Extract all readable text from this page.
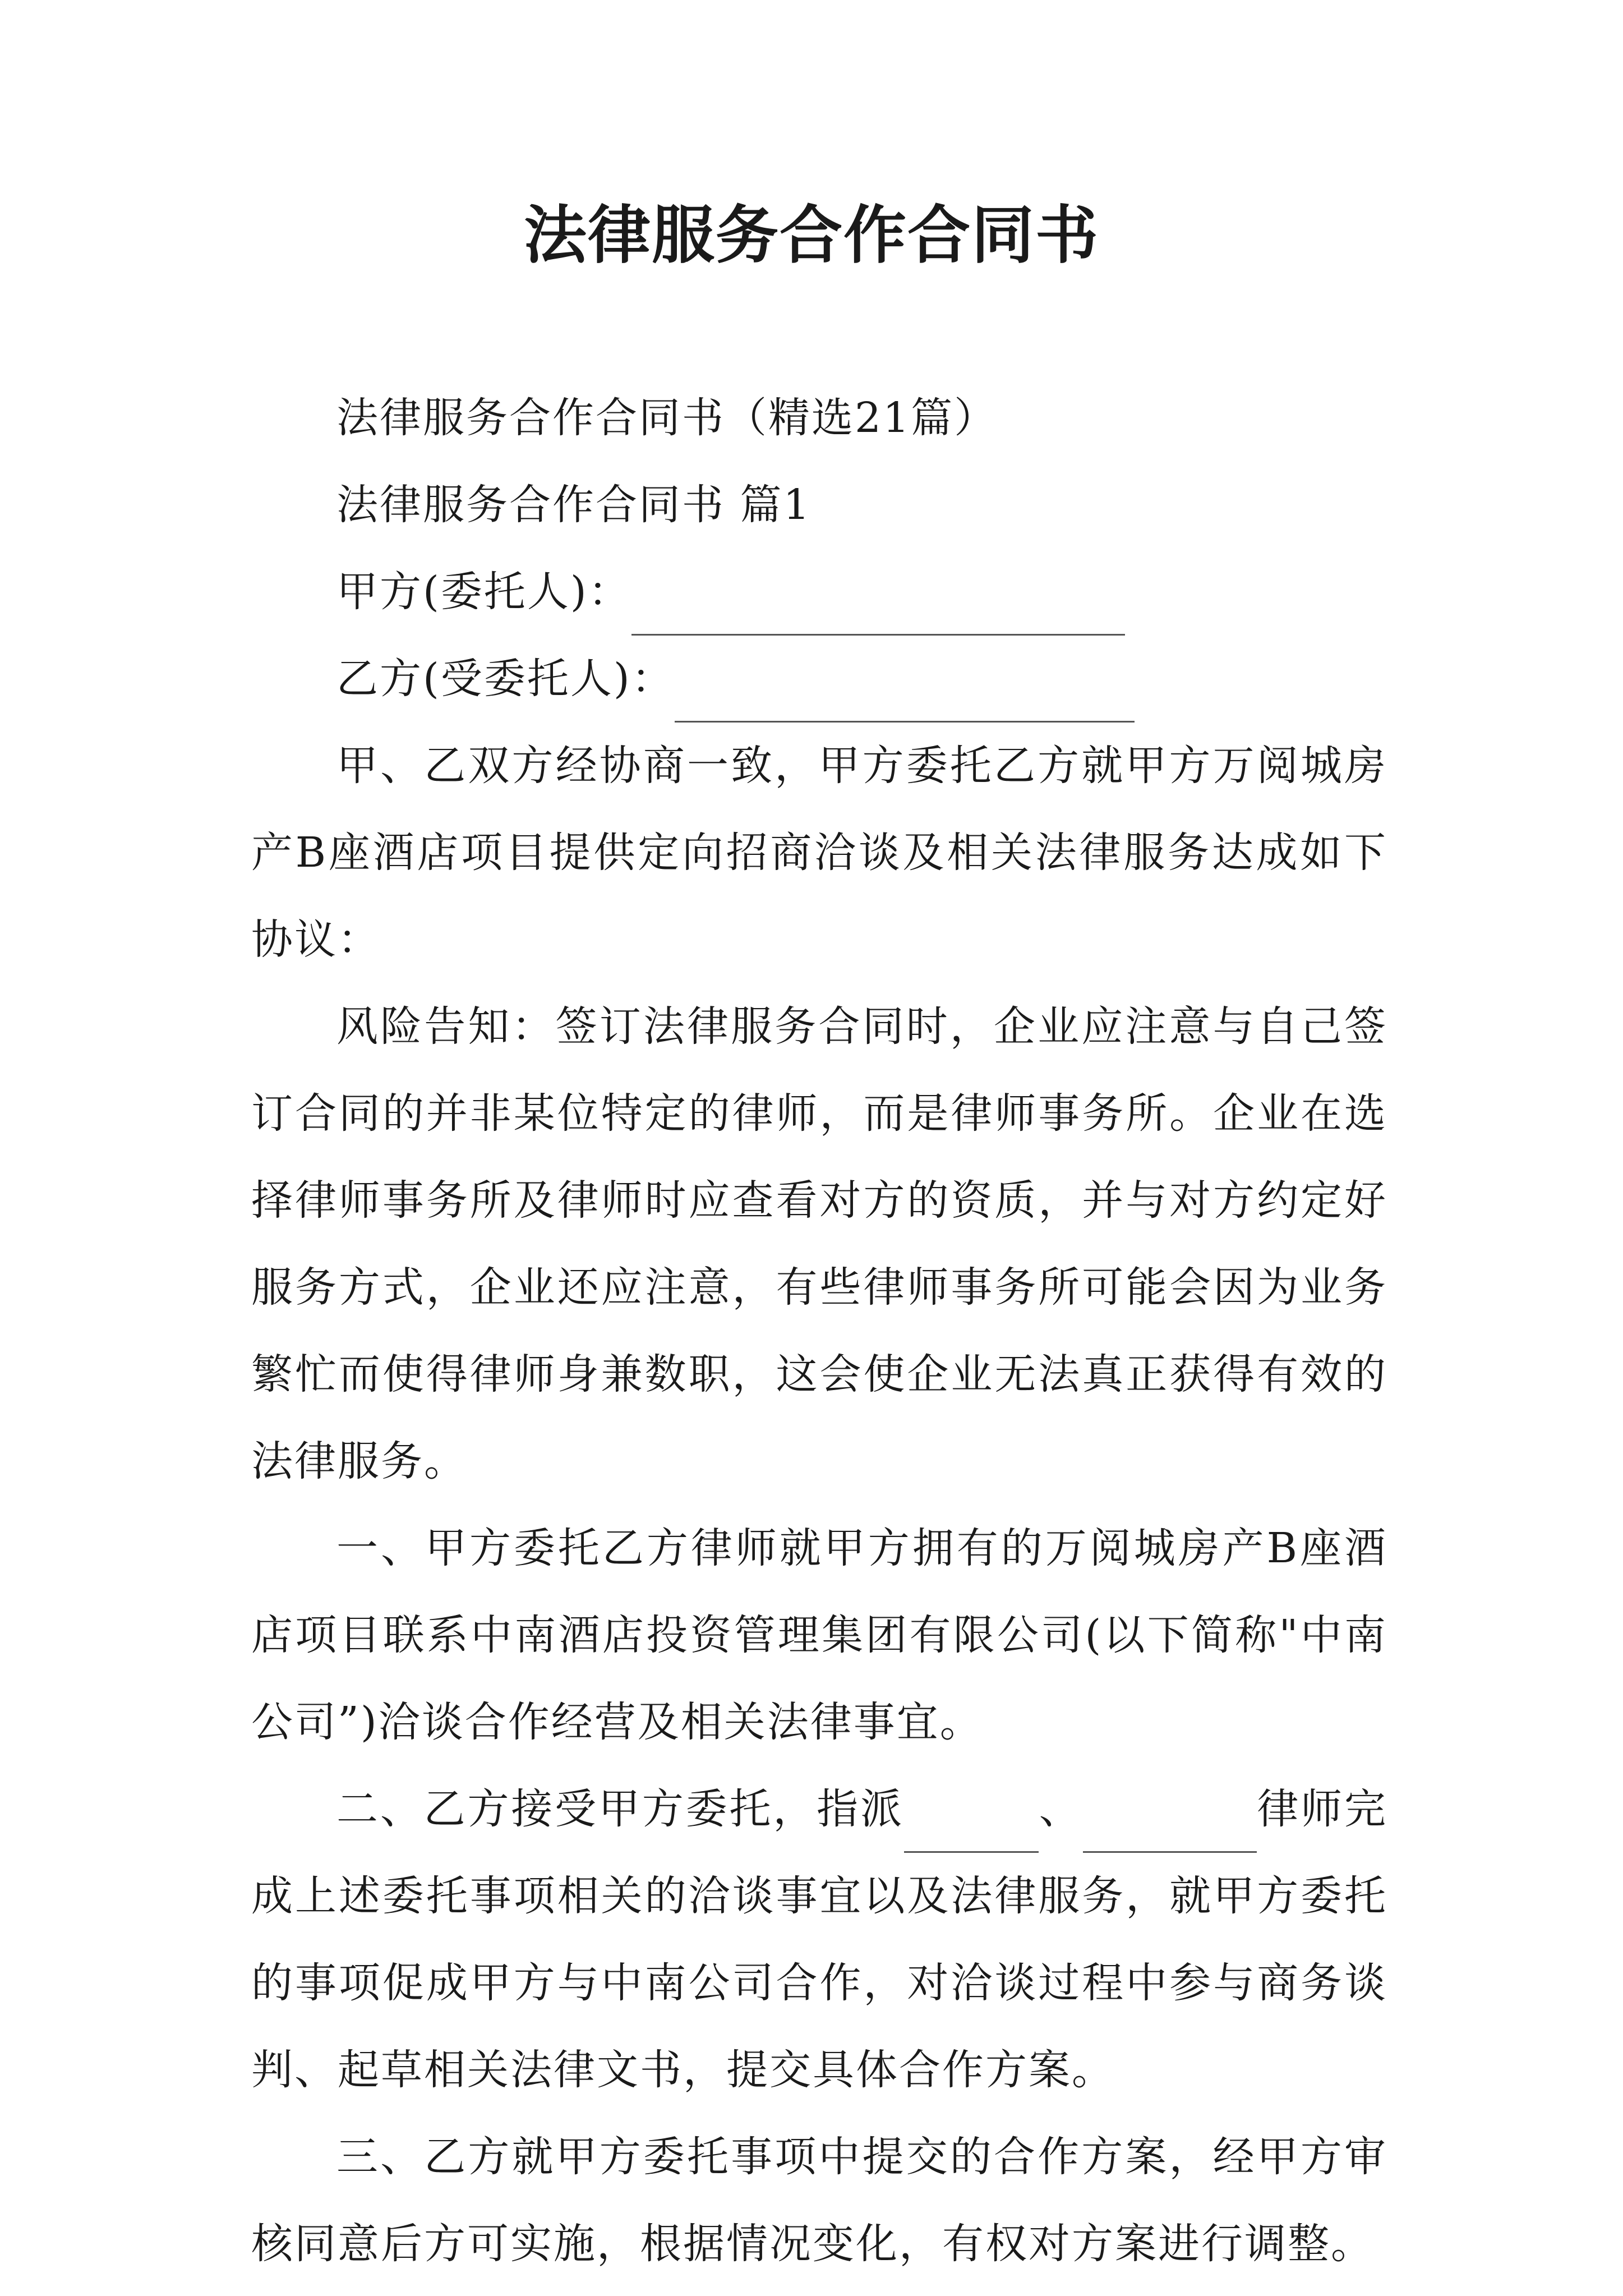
法律服务合作合同书

法律服务合作合同书（精选21篇）

法律服务合作合同书 篇1

甲方(委托人)：

乙方(受委托人)：

甲、乙双方经协商一致，甲方委托乙方就甲方万阅城房产B座酒店项目提供定向招商洽谈及相关法律服务达成如下协议：

风险告知：签订法律服务合同时，企业应注意与自己签订合同的并非某位特定的律师，而是律师事务所。企业在选择律师事务所及律师时应查看对方的资质，并与对方约定好服务方式，企业还应注意，有些律师事务所可能会因为业务繁忙而使得律师身兼数职，这会使企业无法真正获得有效的法律服务。

一、甲方委托乙方律师就甲方拥有的万阅城房产B座酒店项目联系中南酒店投资管理集团有限公司(以下简称"中南公司”)洽谈合作经营及相关法律事宜。

二、乙方接受甲方委托，指派	、	律师完成上述委托事项相关的洽谈事宜以及法律服务，就甲方委托的事项促成甲方与中南公司合作，对洽谈过程中参与商务谈判、起草相关法律文书，提交具体合作方案。

三、乙方就甲方委托事项中提交的合作方案，经甲方审核同意后方可实施，根据情况变化，有权对方案进行调整。
